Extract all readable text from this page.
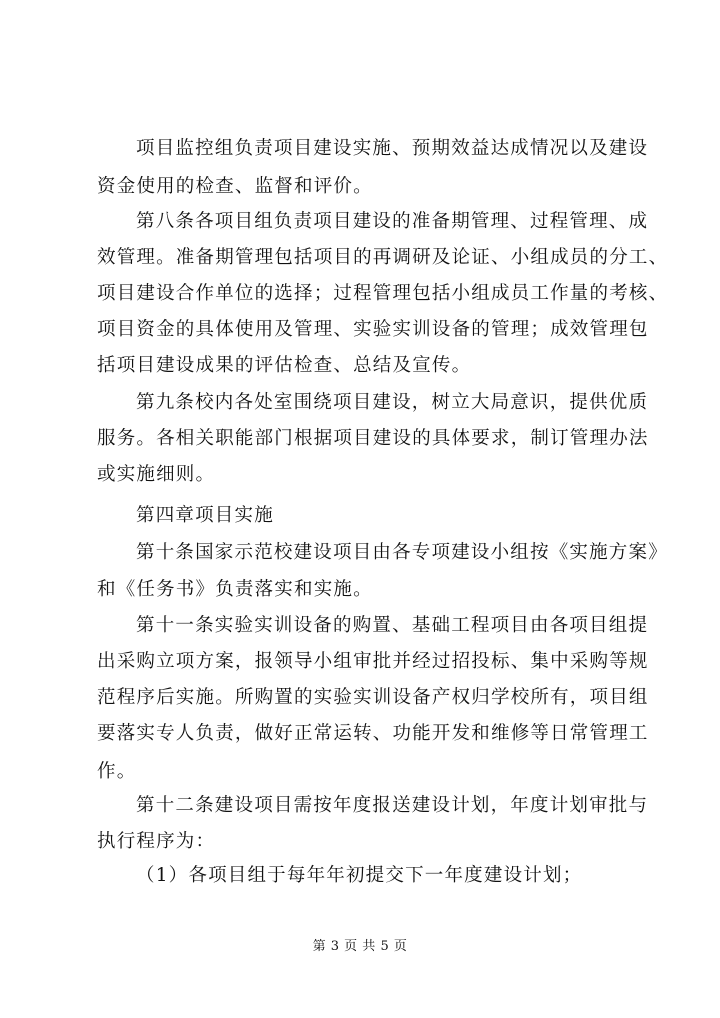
项目监控组负责项目建设实施、预期效益达成情况以及建设
资金使用的检查、监督和评价。
第八条各项目组负责项目建设的准备期管理、过程管理、成
效管理。准备期管理包括项目的再调研及论证、小组成员的分工、
项目建设合作单位的选择；过程管理包括小组成员工作量的考核、
项目资金的具体使用及管理、实验实训设备的管理；成效管理包
括项目建设成果的评估检查、总结及宣传。
第九条校内各处室围绕项目建设，树立大局意识，提供优质
服务。各相关职能部门根据项目建设的具体要求，制订管理办法
或实施细则。
第四章项目实施
第十条国家示范校建设项目由各专项建设小组按《实施方案》
和《任务书》负责落实和实施。
第十一条实验实训设备的购置、基础工程项目由各项目组提
出采购立项方案，报领导小组审批并经过招投标、集中采购等规
范程序后实施。所购置的实验实训设备产权归学校所有，项目组
要落实专人负责，做好正常运转、功能开发和维修等日常管理工
作。
第十二条建设项目需按年度报送建设计划，年度计划审批与
执行程序为：
（1）各项目组于每年年初提交下一年度建设计划；
第 3 页 共 5 页
